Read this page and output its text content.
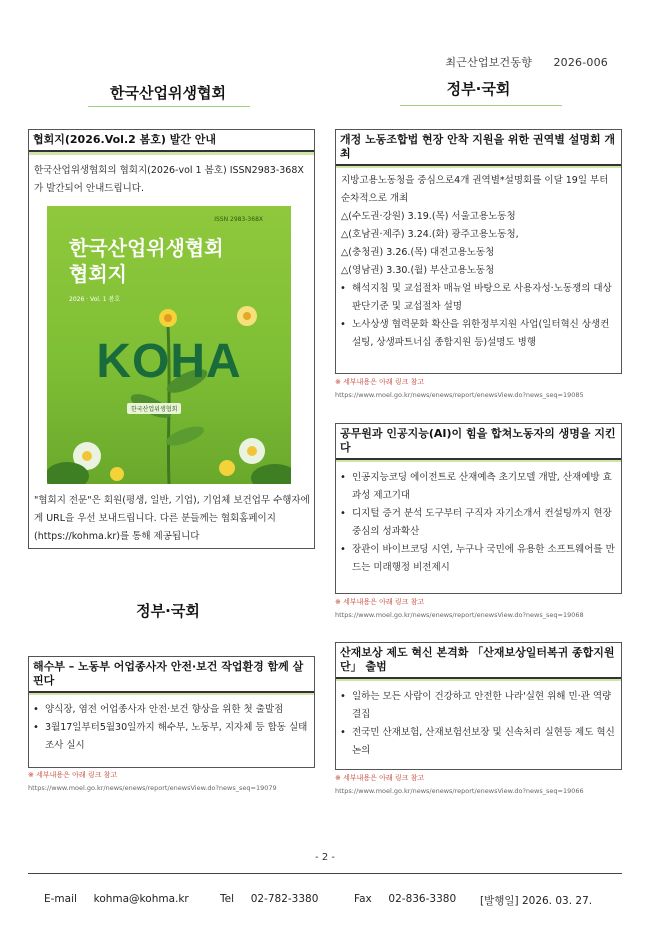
최근산업보건동향 2026-006
한국산업위생협회
협회지(2026.Vol.2 봄호) 발간 안내
한국산업위생협회의 협회지(2026-vol 1 봄호) ISSN2983-368X 가 발간되어 안내드립니다.
ISSN 2983-368X
한국산업위생협회
협회지
2026 · Vol. 1 봄호
KOHA
한국산업위생협회
"협회지 전문"은 회원(평생, 일반, 기업), 기업체 보건업무 수행자에게 URL을 우선 보내드립니다. 다른 분들께는 협회홈페이지(https://kohma.kr)를 통해 제공됩니다
정부·국회
해수부 – 노동부 어업종사자 안전·보건 작업환경 함께 살핀다
• 양식장, 염전 어업종사자 안전·보건 향상을 위한 첫 출발점
• 3월17일부터5월30일까지 해수부, 노동부, 지자체 등 합동 실태조사 실시
※ 세부내용은 아래 링크 참고
https://www.moel.go.kr/news/enews/report/enewsView.do?news_seq=19079
정부·국회
개정 노동조합법 현장 안착 지원을 위한 권역별 설명회 개최
지방고용노동청을 중심으로4개 권역별*설명회를 이달 19일 부터 순차적으로 개최
△(수도권·강원) 3.19.(목) 서울고용노동청
△(호남권·제주) 3.24.(화) 광주고용노동청,
△(충청권) 3.26.(목) 대전고용노동청
△(영남권) 3.30.(월) 부산고용노동청
• 해석지침 및 교섭절차 매뉴얼 바탕으로 사용자성·노동쟁의 대상 판단기준 및 교섭절차 설명
• 노사상생 협력문화 확산을 위한정부지원 사업(일터혁신 상생컨설팅, 상생파트너십 종합지원 등)설명도 병행
※ 세부내용은 아래 링크 참고
https://www.moel.go.kr/news/enews/report/enewsView.do?news_seq=19085
공무원과 인공지능(AI)이 힘을 합쳐노동자의 생명을 지킨다
• 인공지능코딩 에이전트로 산재예측 초기모델 개발, 산재예방 효과성 제고기대
• 디지털 증거 분석 도구부터 구직자 자기소개서 컨설팅까지 현장 중심의 성과확산
• 장관이 바이브코딩 시연, 누구나 국민에 유용한 소프트웨어를 만드는 미래행정 비전제시
※ 세부내용은 아래 링크 참고
https://www.moel.go.kr/news/enews/report/enewsView.do?news_seq=19068
산재보상 제도 혁신 본격화 「산재보상일터복귀 종합지원단」 출범
• 일하는 모든 사람이 건강하고 안전한 나라'실현 위해 민·관 역량 결집
• 전국민 산재보험, 산재보험선보장 및 신속처리 실현등 제도 혁신 논의
※ 세부내용은 아래 링크 참고
https://www.moel.go.kr/news/enews/report/enewsView.do?news_seq=19066
- 2 -
E-mail kohma@kohma.kr	Tel 02-782-3380	Fax 02-836-3380 [발행일] 2026. 03. 27.
